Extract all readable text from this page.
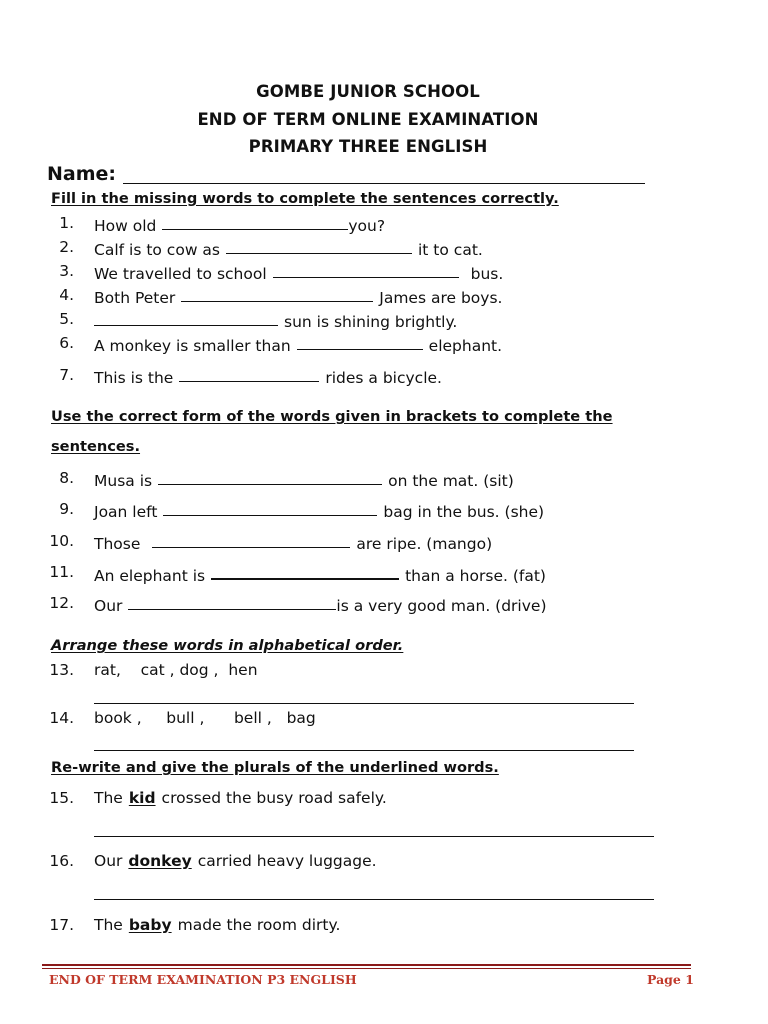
GOMBE JUNIOR SCHOOL
END OF TERM ONLINE EXAMINATION
PRIMARY THREE ENGLISH
Name:
Fill in the missing words to complete the sentences correctly.
1. How old	you?
2. Calf is to cow as	it to cat.
3. We travelled to school	bus.
4. Both Peter	James are boys.
5.	sun is shining brightly.
6. A monkey is smaller than	elephant.
7. This is the	rides a bicycle.
Use the correct form of the words given in brackets to complete the
sentences.
8. Musa is	on the mat. (sit)
9. Joan left	bag in the bus. (she)
10. Those	are ripe. (mango)
11. An elephant is	than a horse. (fat)
12. Our	is a very good man. (drive)
Arrange these words in alphabetical order.
13. rat,    cat , dog ,  hen
14. book ,     bull ,      bell ,   bag
Re-write and give the plurals of the underlined words.
15. The kid crossed the busy road safely.
16. Our donkey carried heavy luggage.
17. The baby made the room dirty.
END OF TERM EXAMINATION P3 ENGLISH	Page 1
